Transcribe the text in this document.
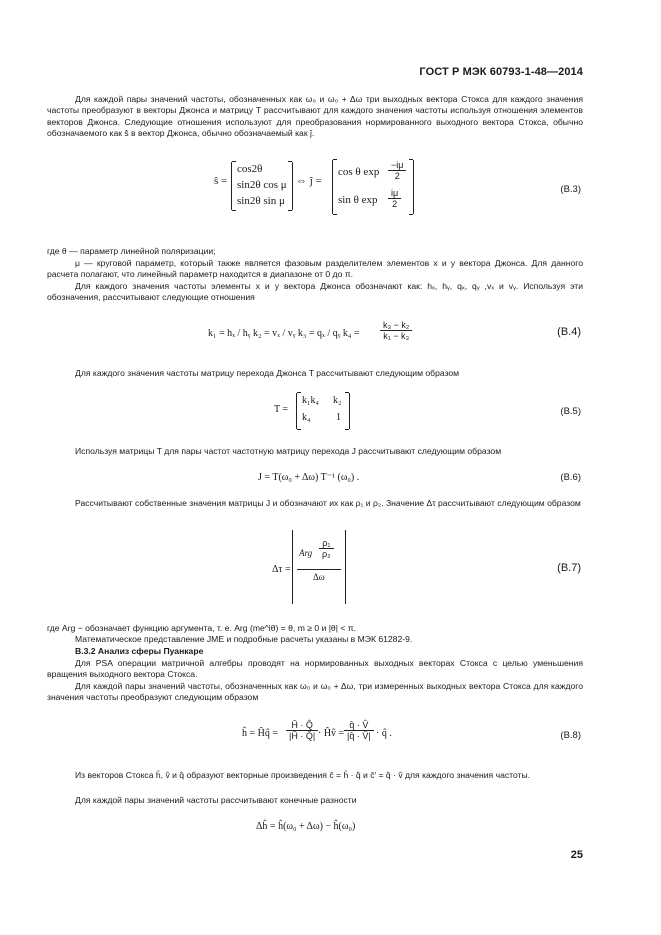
ГОСТ Р МЭК 60793-1-48—2014
Для каждой пары значений частоты, обозначенных как ω₀ и ω₀ + Δω три выходных вектора Стокса для каждого значения частоты преобразуют в векторы Джонса и матрицу T рассчитывают для каждого значения частоты используя отношения элементов векторов Джонса. Следующие отношения используют для преобразования нормированного выходного вектора Стокса, обычно обозначаемого как ŝ в вектор Джонса, обычно обозначаемый как ĵ.
ŝ =
cos2θ
sin2θ cos μ
sin2θ sin μ
⇔ ĵ =
cos θ $\exp \frac{-i\mu}{2}$
sin θ $\exp \frac{i\mu}{2}$	(В.3)
где θ — параметр линейной поляризации;
μ — круговой параметр, который также является фазовым разделителем элементов x и y вектора Джонса. Для данного расчета полагают, что линейный параметр находится в диапазоне от 0 до π.
Для каждого значения частоты элементы x и y вектора Джонса обозначают как: hₓ, hᵧ, qₓ, qᵧ ,vₓ и vᵧ. Используя эти обозначения, рассчитывают следующие отношения
k₁ = hₓ / hᵧ k₂ = vₓ / vᵧ k₃ = qₓ / qᵧ $k_4 = \frac{\text{k₃ − k₂}}{\text{k₁ − k₃}}$	(В.4)
Для каждого значения частоты матрицу перехода Джонса T рассчитывают следующим образом
T =
k₁k₄ k₂
k₄	1
(В.5)
Используя матрицы T для пары частот частотную матрицу перехода J рассчитывают следующим образом
J = T(ω₀ + Δω) T⁻¹ (ω₀) .	(В.6)
Рассчитывают собственные значения матрицы J и обозначают их как ρ₁ и ρ₂. Значение Δτ рассчитывают следующим образом
Δτ =
Arg $\frac{\text{ρ₁}}{\text{ρ₂}}$
Δω
(В.7)
где Arg − обозначает функцию аргумента, т. е. Arg (me^iθ) = θ, m ≥ 0 и |θ| < π.
Математическое представление JME и подробные расчеты указаны в МЭК 61282-9.
В.3.2 Анализ сферы Пуанкаре
Для PSA операции матричной алгебры проводят на нормированных выходных векторах Стокса с целью уменьшения вращения выходного вектора Стокса.
Для каждой пары значений частоты, обозначенных как ω₀ и ω₀ + Δω, три измеренных выходных вектора Стокса для каждого значения частоты преобразуют следующим образом
ĥ = Ĥq̂ = $\frac{Ĥ \cdot Q̂}{|Ĥ \cdot Q̂|}$ · Ĥv̂ = $\frac{q̂ \cdot V̂}{|q̂ \cdot V̂|}$ · q̂ .	(В.8)
Из векторов Стокса ĥ, v̂ и q̂ образуют векторные произведения ĉ = ĥ · q̂ и ĉ′ = q̂ · v̂ для каждого значения частоты.
Для каждой пары значений частоты рассчитывают конечные разности
Δĥ = ĥ(ω₀ + Δω) − ĥ(ω₀)
25
